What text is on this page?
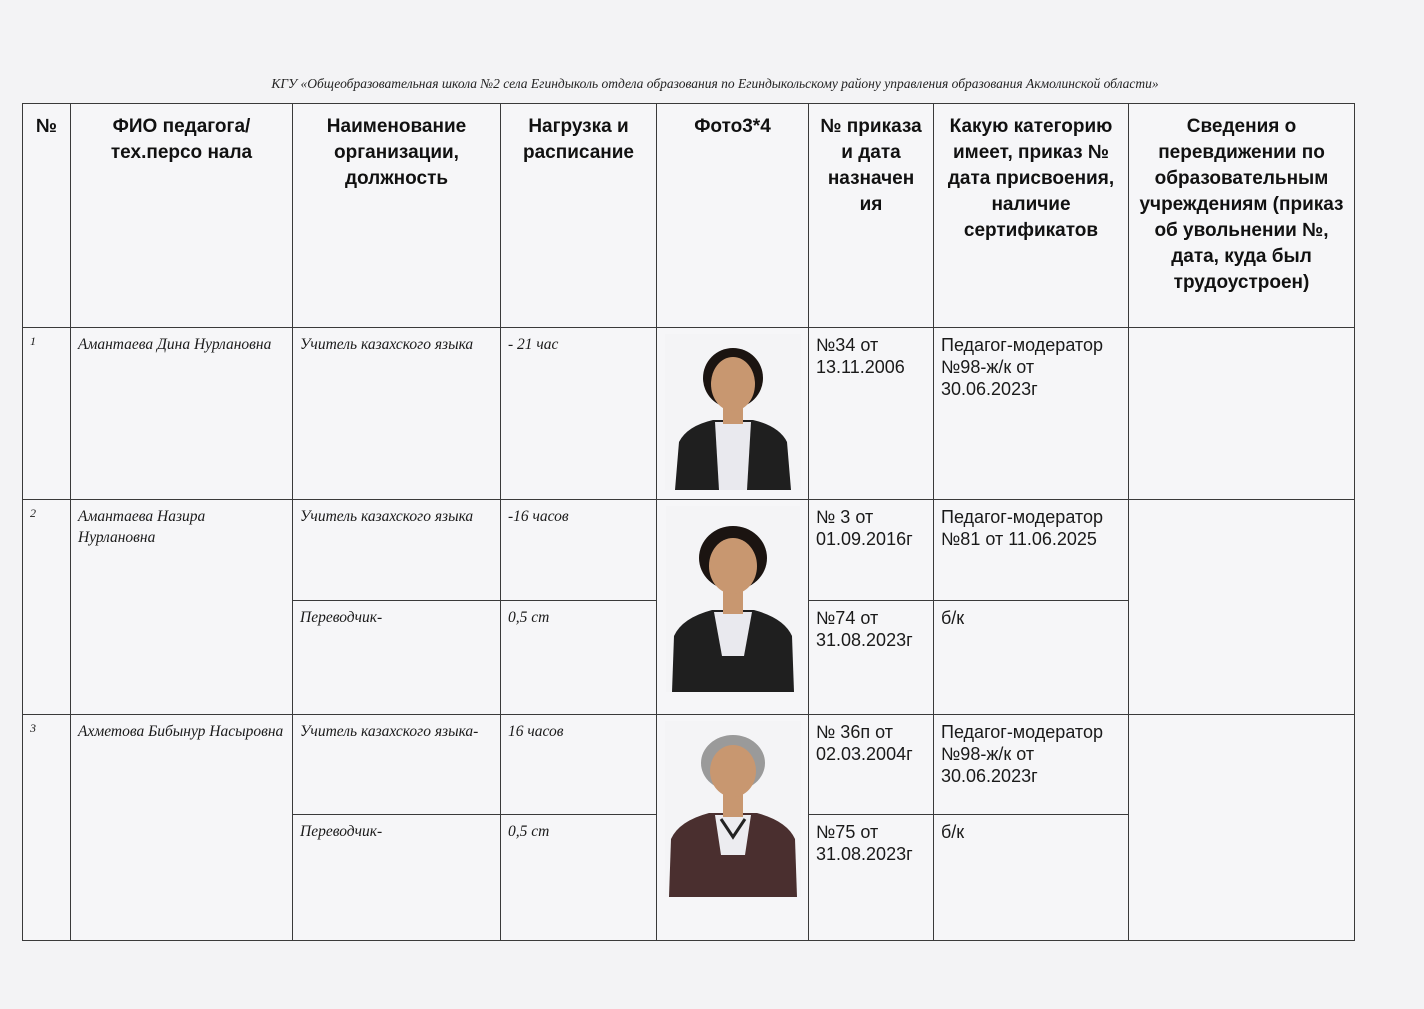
КГУ «Общеобразовательная школа №2 села Егиндыколь отдела образования по Егиндыкольскому району управления образования Акмолинской области»
№	ФИО педагога/тех.персо нала	Наименование организации, должность	Нагрузка и расписание	Фото3*4	№ приказа и дата назначен ия	Какую категорию имеет, приказ № дата присвоения, наличие сертификатов	Сведения о перевдижении по образовательным учреждениям (приказ об увольнении №, дата, куда был трудоустроен)
1	Амантаева Дина Нурлановна	Учитель казахского языка	- 21 час		№34 от 13.11.2006	Педагог-модератор №98-ж/к от 30.06.2023г	
2	Амантаева Назира Нурлановна	Учитель казахского языка	-16 часов		№ 3 от 01.09.2016г	Педагог-модератор №81 от 11.06.2025	
		Переводчик-	0,5 ст		№74 от 31.08.2023г	б/к	
3	Ахметова Бибынур Насыровна	Учитель казахского языка-	16 часов		№ 36п от 02.03.2004г	Педагог-модератор №98-ж/к от 30.06.2023г	
		Переводчик-	0,5 ст		№75 от 31.08.2023г	б/к	
